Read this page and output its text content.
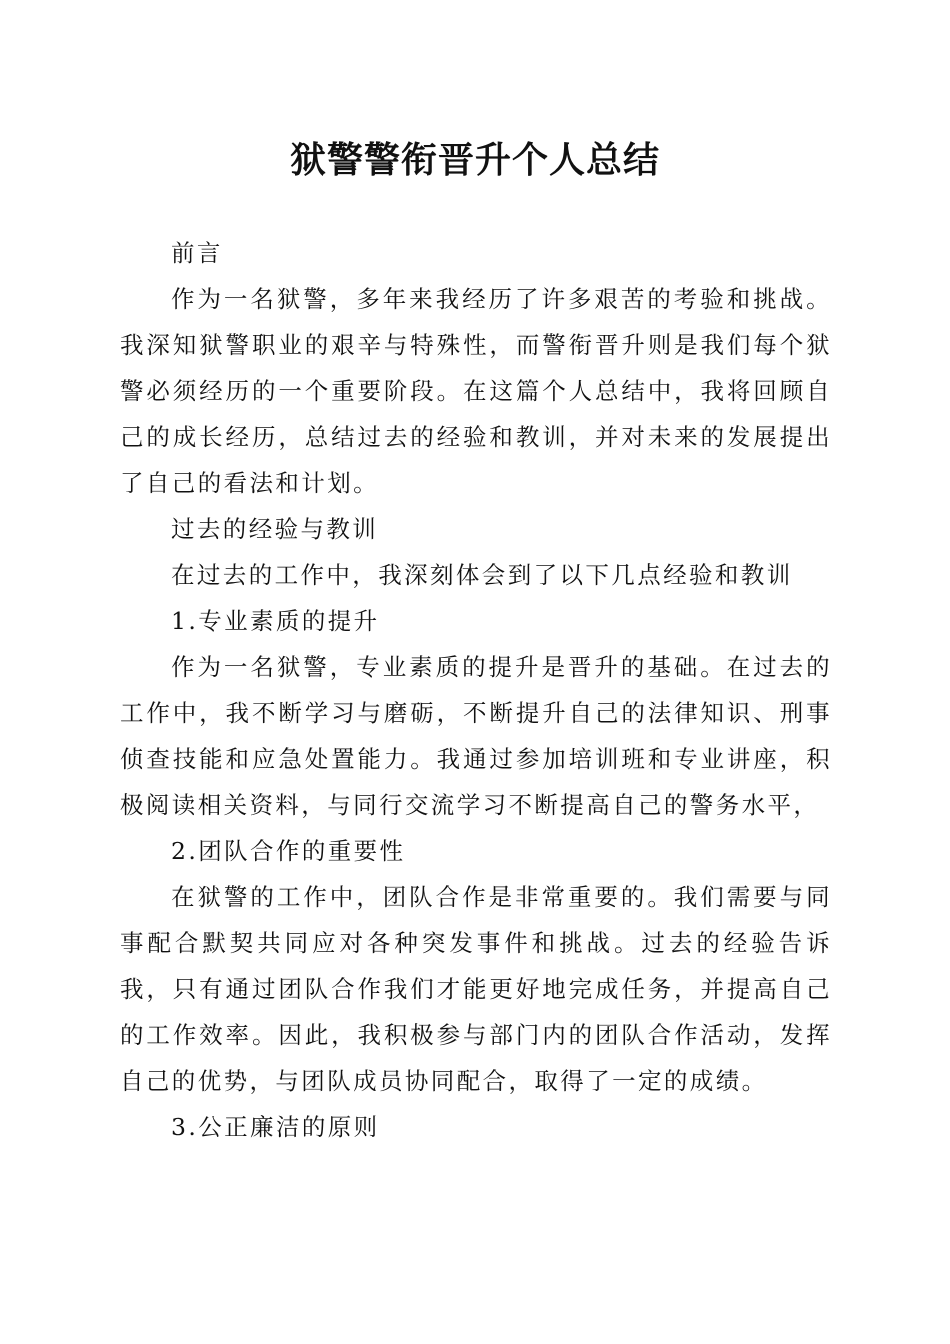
狱警警衔晋升个人总结

前言

作为一名狱警，多年来我经历了许多艰苦的考验和挑战。我深知狱警职业的艰辛与特殊性，而警衔晋升则是我们每个狱警必须经历的一个重要阶段。在这篇个人总结中，我将回顾自己的成长经历，总结过去的经验和教训，并对未来的发展提出了自己的看法和计划。

过去的经验与教训

在过去的工作中，我深刻体会到了以下几点经验和教训

1.专业素质的提升

作为一名狱警，专业素质的提升是晋升的基础。在过去的工作中，我不断学习与磨砺，不断提升自己的法律知识、刑事侦查技能和应急处置能力。我通过参加培训班和专业讲座，积极阅读相关资料，与同行交流学习不断提高自己的警务水平，

2.团队合作的重要性

在狱警的工作中，团队合作是非常重要的。我们需要与同事配合默契共同应对各种突发事件和挑战。过去的经验告诉我，只有通过团队合作我们才能更好地完成任务，并提高自己的工作效率。因此，我积极参与部门内的团队合作活动，发挥自己的优势，与团队成员协同配合，取得了一定的成绩。

3.公正廉洁的原则
